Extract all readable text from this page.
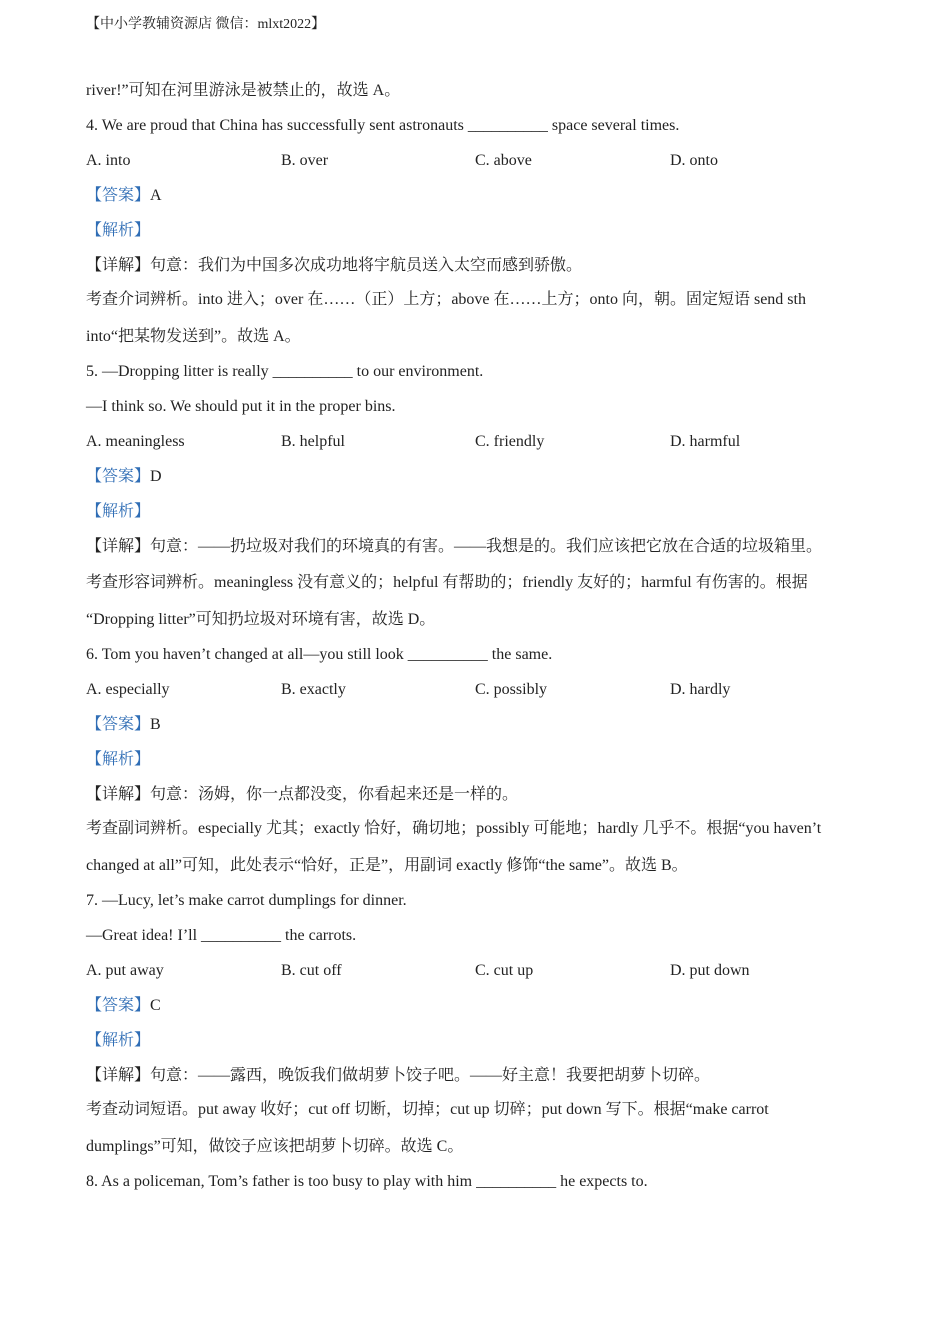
【中小学教辅资源店 微信：mlxt2022】
river!”可知在河里游泳是被禁止的，故选 A。
4. We are proud that China has successfully sent astronauts __________ space several times.
A. into	B. over	C. above	D. onto
【答案】A
【解析】
【详解】句意：我们为中国多次成功地将宇航员送入太空而感到骄傲。
考查介词辨析。into 进入；over 在……（正）上方；above 在……上方；onto 向，朝。固定短语 send sth
into“把某物发送到”。故选 A。
5. —Dropping litter is really __________ to our environment.
—I think so. We should put it in the proper bins.
A. meaningless	B. helpful	C. friendly	D. harmful
【答案】D
【解析】
【详解】句意：——扔垃圾对我们的环境真的有害。——我想是的。我们应该把它放在合适的垃圾箱里。
考查形容词辨析。meaningless 没有意义的；helpful 有帮助的；friendly 友好的；harmful 有伤害的。根据
“Dropping litter”可知扔垃圾对环境有害，故选 D。
6. Tom you haven’t changed at all—you still look __________ the same.
A. especially	B. exactly	C. possibly	D. hardly
【答案】B
【解析】
【详解】句意：汤姆，你一点都没变，你看起来还是一样的。
考查副词辨析。especially 尤其；exactly 恰好，确切地；possibly 可能地；hardly 几乎不。根据“you haven’t
changed at all”可知，此处表示“恰好，正是”，用副词 exactly 修饰“the same”。故选 B。
7. —Lucy, let’s make carrot dumplings for dinner.
—Great idea! I’ll __________ the carrots.
A. put away	B. cut off	C. cut up	D. put down
【答案】C
【解析】
【详解】句意：——露西，晚饭我们做胡萝卜饺子吧。——好主意！我要把胡萝卜切碎。
考查动词短语。put away 收好；cut off 切断，切掉；cut up 切碎；put down 写下。根据“make carrot
dumplings”可知，做饺子应该把胡萝卜切碎。故选 C。
8. As a policeman, Tom’s father is too busy to play with him __________ he expects to.
